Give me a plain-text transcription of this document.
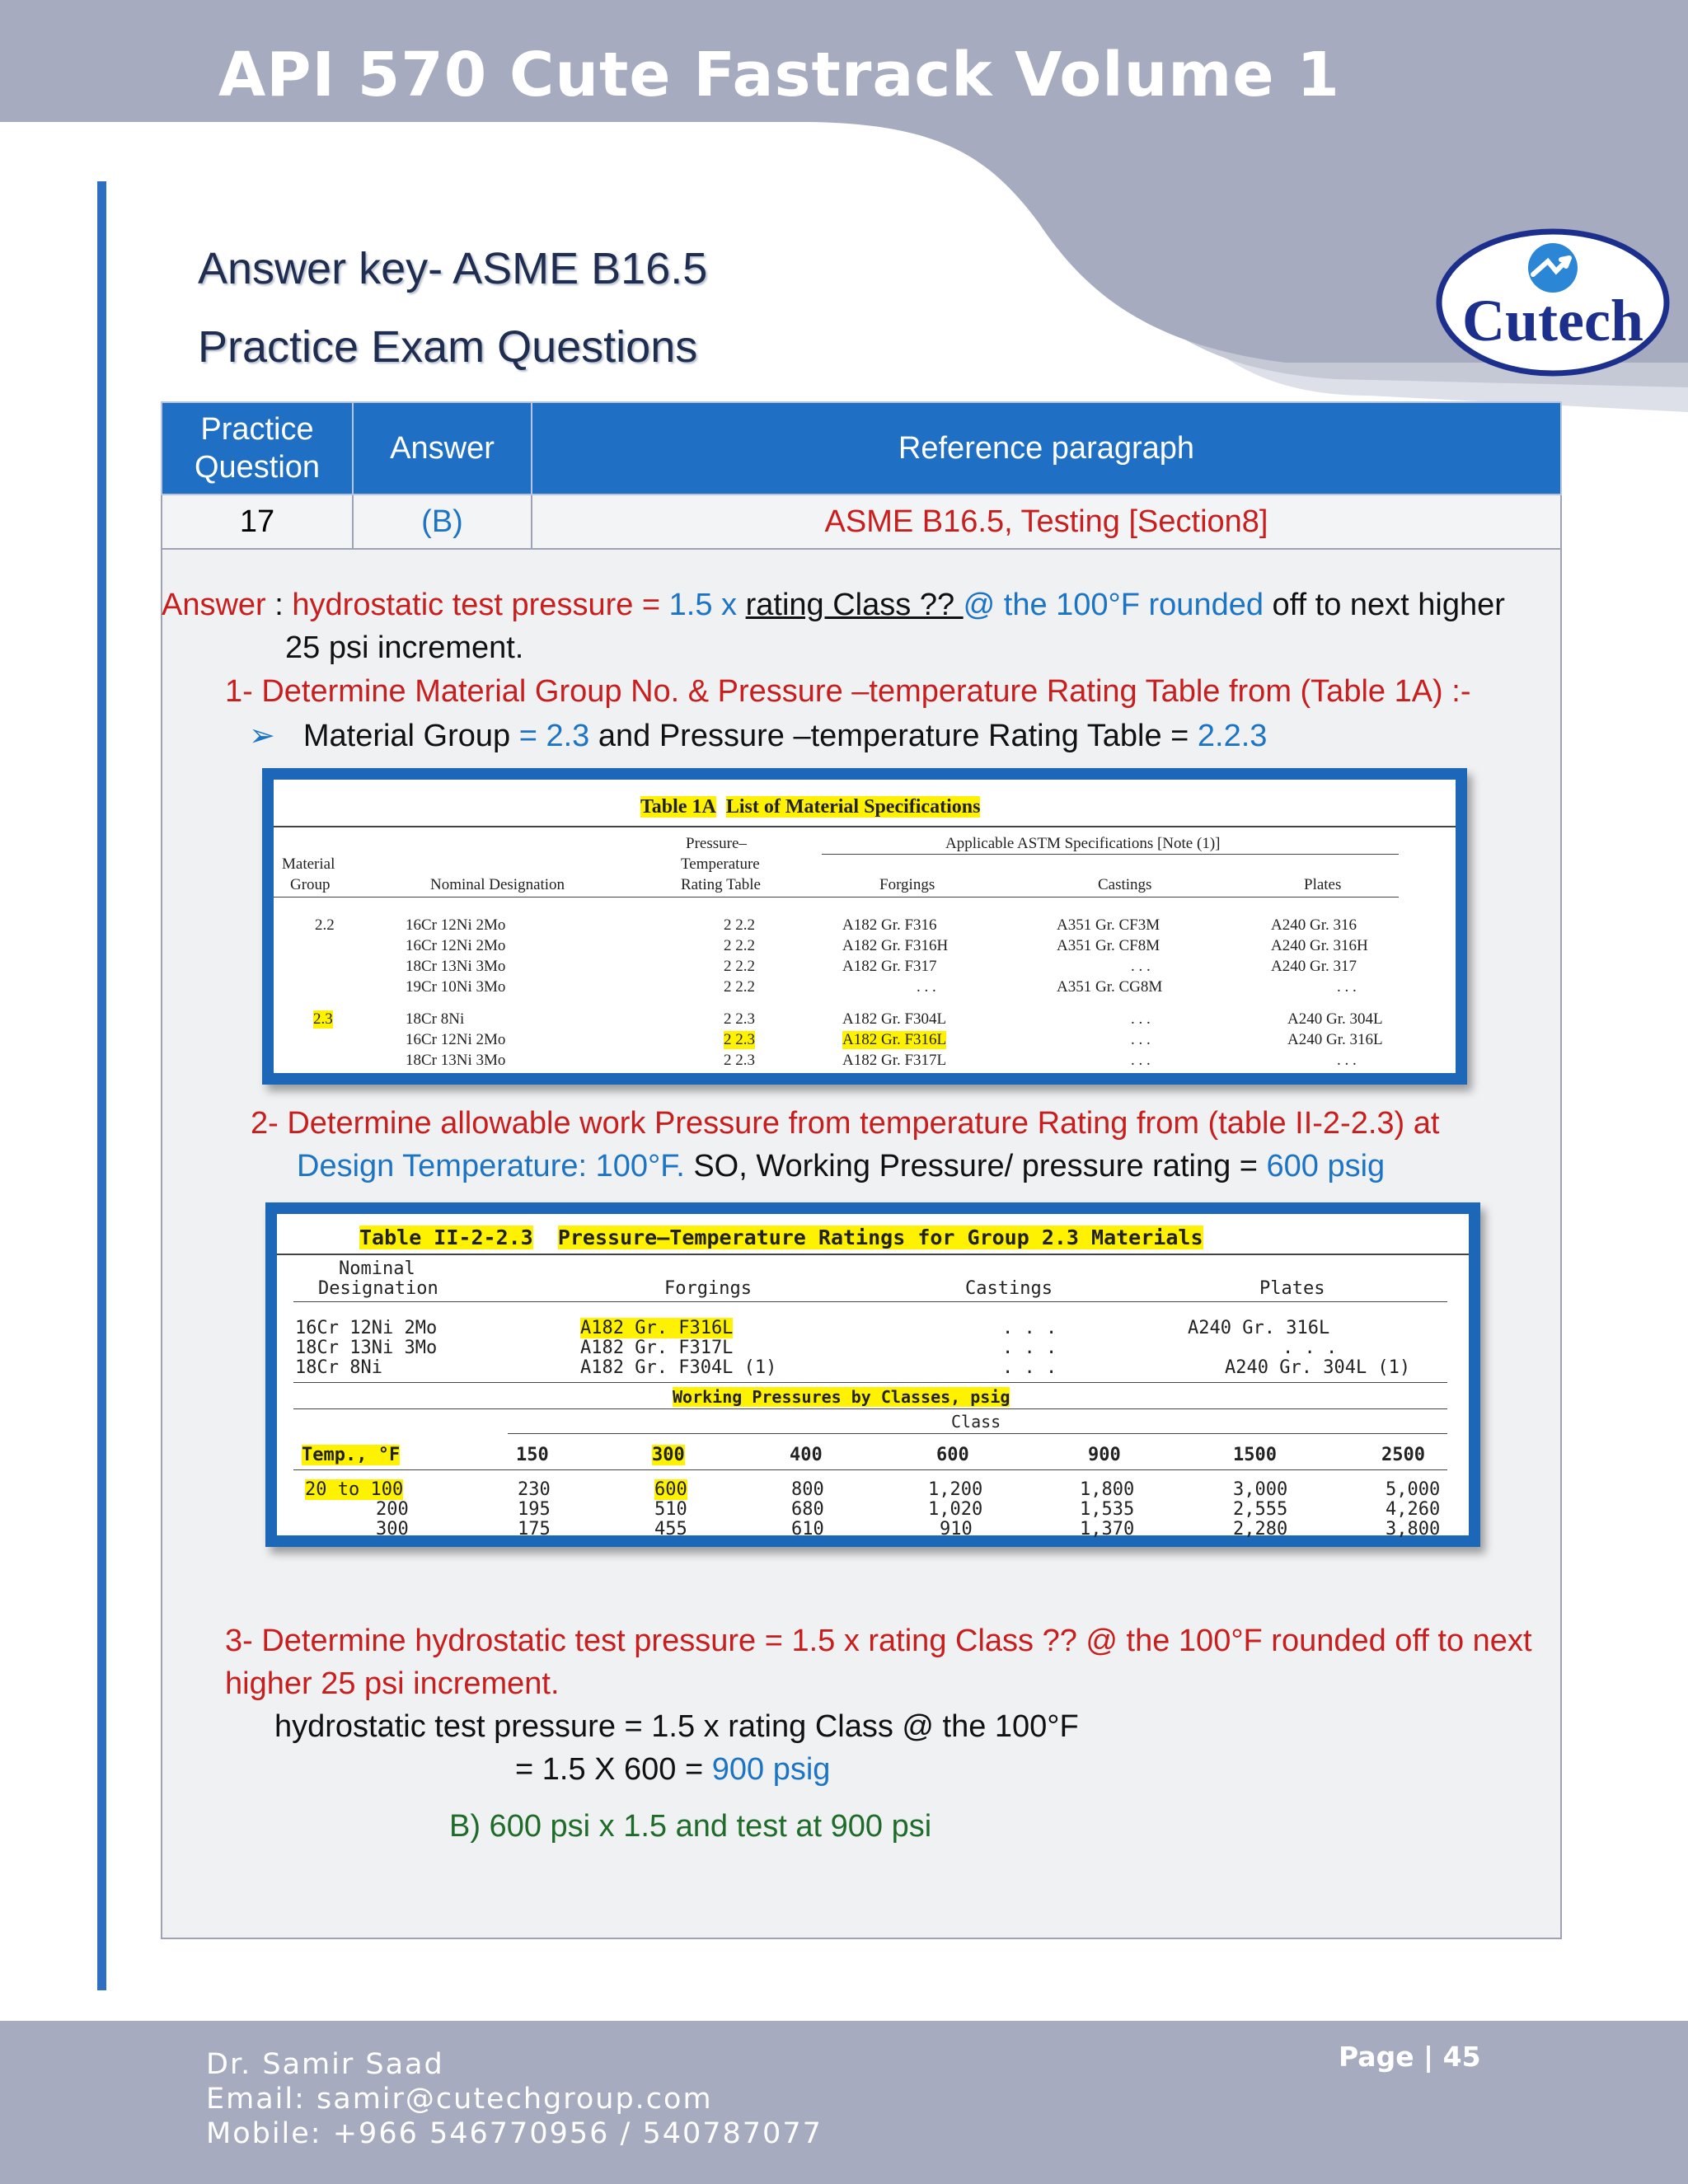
API 570 Cute Fastrack Volume 1
Cutech
Answer key- ASME B16.5
Practice Exam Questions
Practice
Question	Answer	Reference paragraph
17	(B)	ASME B16.5, Testing [Section8]
Answer : hydrostatic test pressure = 1.5 x rating Class ?? @ the 100°F rounded off to next higher
25 psi increment.
1- Determine Material Group No. & Pressure –temperature Rating Table from (Table 1A) :-
➢ Material Group = 2.3 and Pressure –temperature Rating Table = 2.2.3
Table 1A List of Material Specifications
Material
Group	Nominal Designation
Pressure–
Temperature
Rating Table
Applicable ASTM Specifications [Note (1)]
Forgings	Castings	Plates
2.2	16Cr 12Ni 2Mo	2 2.2	A182 Gr. F316	A351 Gr. CF3M	A240 Gr. 316
16Cr 12Ni 2Mo	2 2.2	A182 Gr. F316H	A351 Gr. CF8M	A240 Gr. 316H
18Cr 13Ni 3Mo	2 2.2	A182 Gr. F317	. . .	A240 Gr. 317
19Cr 10Ni 3Mo	2 2.2	. . .	A351 Gr. CG8M	. . .
2.3	18Cr 8Ni	2 2.3	A182 Gr. F304L	. . .	A240 Gr. 304L
16Cr 12Ni 2Mo	2 2.3	A182 Gr. F316L	. . .	A240 Gr. 316L
18Cr 13Ni 3Mo	2 2.3	A182 Gr. F317L	. . .	. . .
2- Determine allowable work Pressure from temperature Rating from (table II-2-2.3) at
Design Temperature: 100°F. SO, Working Pressure/ pressure rating = 600 psig
Table II-2-2.3 Pressure–Temperature Ratings for Group 2.3 Materials
Nominal
Designation	Forgings	Castings	Plates
16Cr 12Ni 2Mo	A182 Gr. F316L	. . .	A240 Gr. 316L
18Cr 13Ni 3Mo	A182 Gr. F317L	. . .	. . .
18Cr 8Ni	A182 Gr. F304L (1)	. . .	A240 Gr. 304L (1)
Working Pressures by Classes, psig
Class
Temp., °F	150	300	400	600	900	1500	2500
20 to 100	230	600	800	1,200	1,800	3,000	5,000
200	195	510	680	1,020	1,535	2,555	4,260
300	175	455	610	910	1,370	2,280	3,800
3- Determine hydrostatic test pressure = 1.5 x rating Class ?? @ the 100°F rounded off to next
higher 25 psi increment.
hydrostatic test pressure = 1.5 x rating Class @ the 100°F
= 1.5 X 600 = 900 psig
B) 600 psi x 1.5 and test at 900 psi
Dr. Samir Saad
Email: samir@cutechgroup.com
Mobile: +966 546770956 / 540787077
Page | 45
